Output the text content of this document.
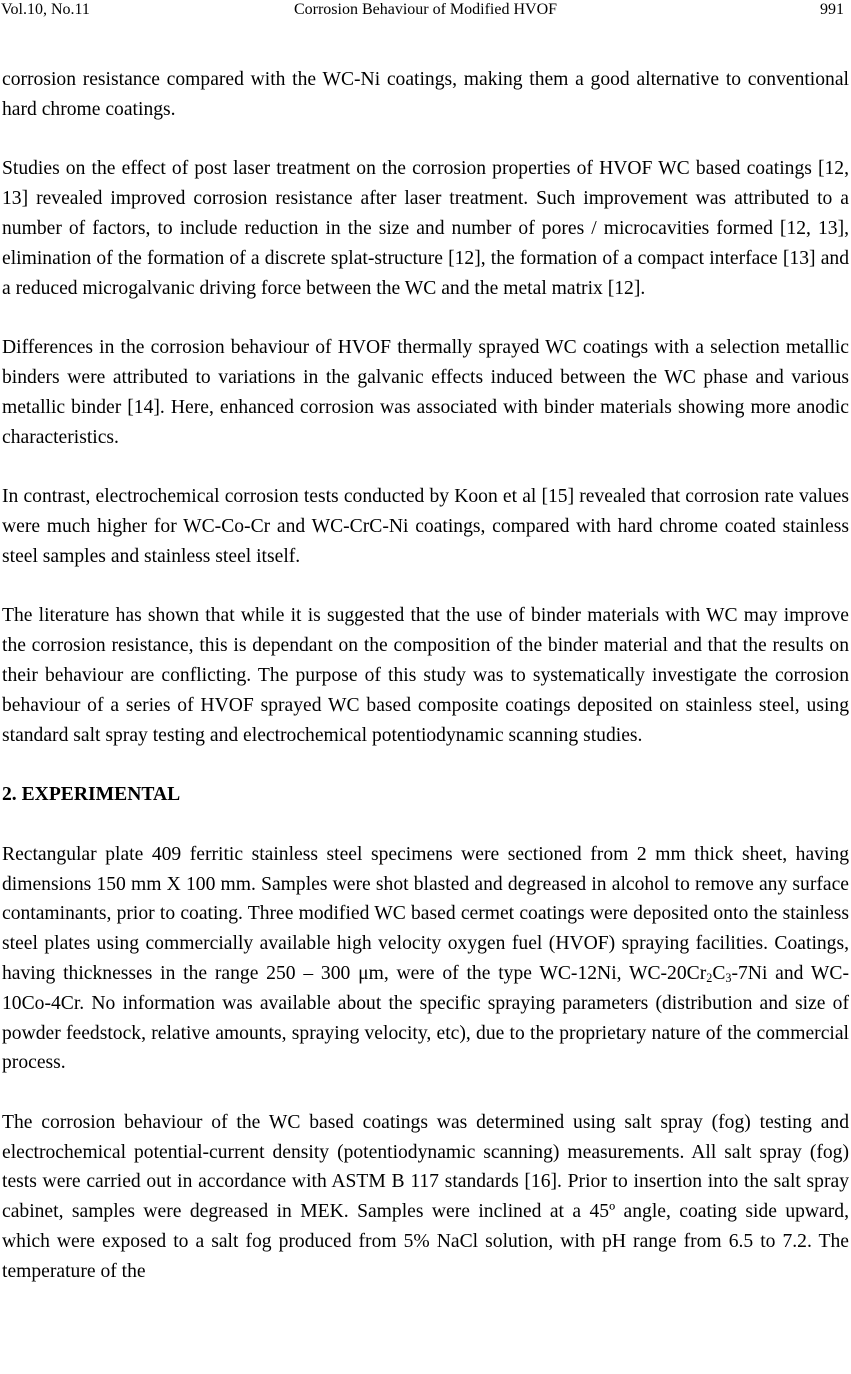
Vol.10, No.11	Corrosion Behaviour of Modified HVOF	991

corrosion resistance compared with the WC-Ni coatings, making them a good alternative to conventional hard chrome coatings.

Studies on the effect of post laser treatment on the corrosion properties of HVOF WC based coatings [12, 13] revealed improved corrosion resistance after laser treatment. Such improvement was attributed to a number of factors, to include reduction in the size and number of pores / microcavities formed [12, 13], elimination of the formation of a discrete splat-structure [12], the formation of a compact interface [13] and a reduced microgalvanic driving force between the WC and the metal matrix [12].

Differences in the corrosion behaviour of HVOF thermally sprayed WC coatings with a selection metallic binders were attributed to variations in the galvanic effects induced between the WC phase and various metallic binder [14]. Here, enhanced corrosion was associated with binder materials showing more anodic characteristics.

In contrast, electrochemical corrosion tests conducted by Koon et al [15] revealed that corrosion rate values were much higher for WC-Co-Cr and WC-CrC-Ni coatings, compared with hard chrome coated stainless steel samples and stainless steel itself.

The literature has shown that while it is suggested that the use of binder materials with WC may improve the corrosion resistance, this is dependant on the composition of the binder material and that the results on their behaviour are conflicting. The purpose of this study was to systematically investigate the corrosion behaviour of a series of HVOF sprayed WC based composite coatings deposited on stainless steel, using standard salt spray testing and electrochemical potentiodynamic scanning studies.

2. EXPERIMENTAL

Rectangular plate 409 ferritic stainless steel specimens were sectioned from 2 mm thick sheet, having dimensions 150 mm X 100 mm. Samples were shot blasted and degreased in alcohol to remove any surface contaminants, prior to coating. Three modified WC based cermet coatings were deposited onto the stainless steel plates using commercially available high velocity oxygen fuel (HVOF) spraying facilities. Coatings, having thicknesses in the range 250 – 300 μm, were of the type WC-12Ni, $WC-20Cr_2C_3-7Ni$ and WC-10Co-4Cr. No information was available about the specific spraying parameters (distribution and size of powder feedstock, relative amounts, spraying velocity, etc), due to the proprietary nature of the commercial process.

The corrosion behaviour of the WC based coatings was determined using salt spray (fog) testing and electrochemical potential-current density (potentiodynamic scanning) measurements. All salt spray (fog) tests were carried out in accordance with ASTM B 117 standards [16]. Prior to insertion into the salt spray cabinet, samples were degreased in MEK. Samples were inclined at a 45º angle, coating side upward, which were exposed to a salt fog produced from 5% NaCl solution, with pH range from 6.5 to 7.2. The temperature of the
